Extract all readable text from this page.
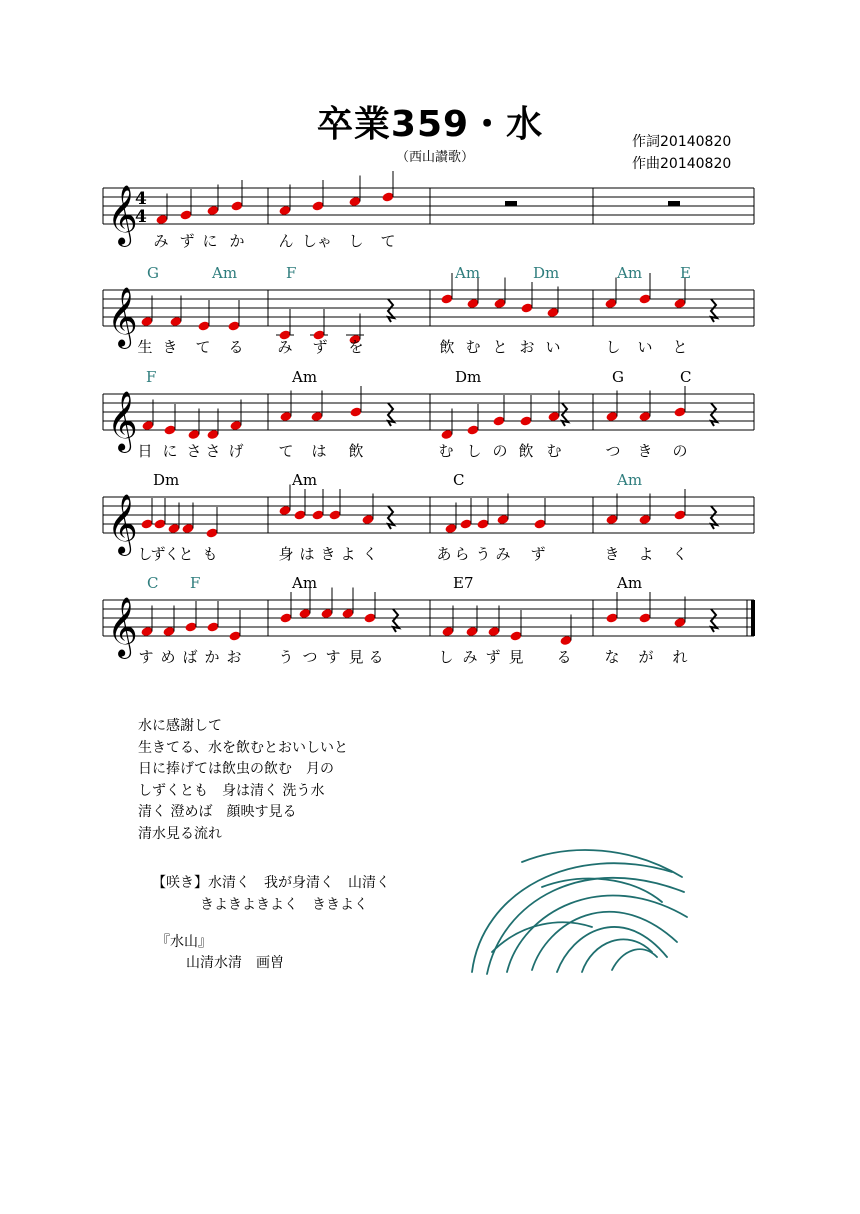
卒業359・水
（西山讃歌）
作詞20140820
作曲20140820
𝄞
4
4
み ず に か ん しゃ し て
𝄞
G	Am	F	Am	Dm	Am	E
生 き て る み ず を	飲 む と お い	し い と
𝄞
F	Am	Dm	G	C
日 に さ さ げ て は 飲	む し の 飲 む	つ き の
𝄞
Dm	Am	C	Am
し
ず
く
と も	身 は き よ く	あ ら う み ず	き よ く
𝄞
C F	Am	E7	Am
す め ば か お う つ す 見 る	し み ず 見 る な が れ
水に感謝して
生きてる、水を飲むとおいしいと
日に捧げては飲虫の飲む　月の
しずくとも　身は清く 洗う水
清く 澄めば　顔映す見る
清水見る流れ
【咲き】水清く　我が身清く　山清く
きよきよきよく　ききよく
『水山』
山清水清　画曽
